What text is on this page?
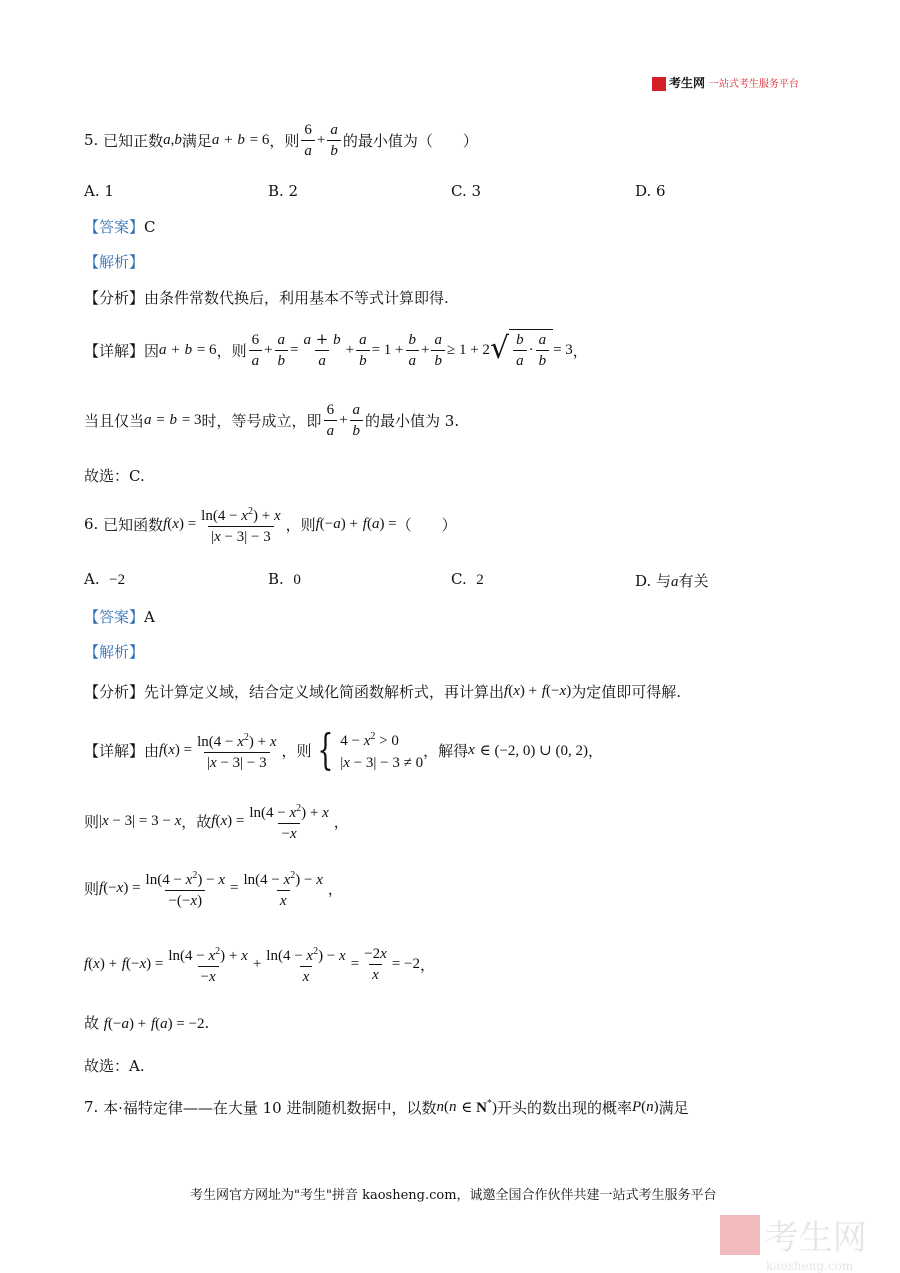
考生网 一站式考生服务平台
5.
已知正数 a , b 满足 a
+
b
= 6 ，则 $\frac{6}{a} + \frac{a}{b}$ 的最小值为（　　）
A. 1	B. 2	C. 3	D. 6
【答案】C
【解析】
【分析】由条件常数代换后，利用基本不等式计算即得.
【详解】 因 a
+
b
= 6 ，则 $\frac{6}{a} + \frac{a}{b} = \frac{a + b}{a} + \frac{a}{b} = 1 + \frac{b}{a} + \frac{a}{b} \ge 1 + 2$ √ $\frac{b}{a} \cdot \frac{a}{b} = 3$ ，
当且仅当 a
=
b
= 3 时，等号成立，即 $\frac{6}{a} + \frac{a}{b}$ 的最小值为 3.
故选：C.
6.
已知函数 f ( x ) = $\frac{\ln(4 - x^2) + x}{|x - 3| - 3}$ ，则 f (− a ) +
f ( a ) = （　　）
A. −2	B. 0	C. 2	D. 与a有关
【答案】A
【解析】
【分析】 先计算定义域，结合定义域化简函数解析式，再计算出 f ( x ) +
f (− x ) 为定值即可得解.
【详解】 由 f ( x ) = $\frac{\ln(4 - x^2) + x}{|x - 3| - 3}$ ，则 { $4 - x^2 > 0$
|x − 3| − 3 ≠ 0
，解得 x
∈ (−2, 0) ∪ (0, 2) ，
则 |x − 3| = 3 − x ，故 f ( x ) = $\frac{\ln(4 - x^2) + x}{-x}$ ，
则 f (− x ) = $\frac{\ln(4 - x^2) - x}{-(-x)} = \frac{\ln(4 - x^2) - x}{x}$ ，
f ( x ) +
f (− x ) = $\frac{\ln(4 - x^2) + x}{-x} + \frac{\ln(4 - x^2) - x}{x} = \frac{-2x}{x} = -2$ ，
故 f(−a) + f(a) = −2.
故选：A.
7.
本·福特定律——在大量 10 进制随机数据中，以数 n ( n
∈ N*) 开头的数出现的概率 P ( n ) 满足
考生网官方网址为"考生"拼音 kaosheng.com，诚邀全国合作伙伴共建一站式考生服务平台
考生网
kaosheng.com
